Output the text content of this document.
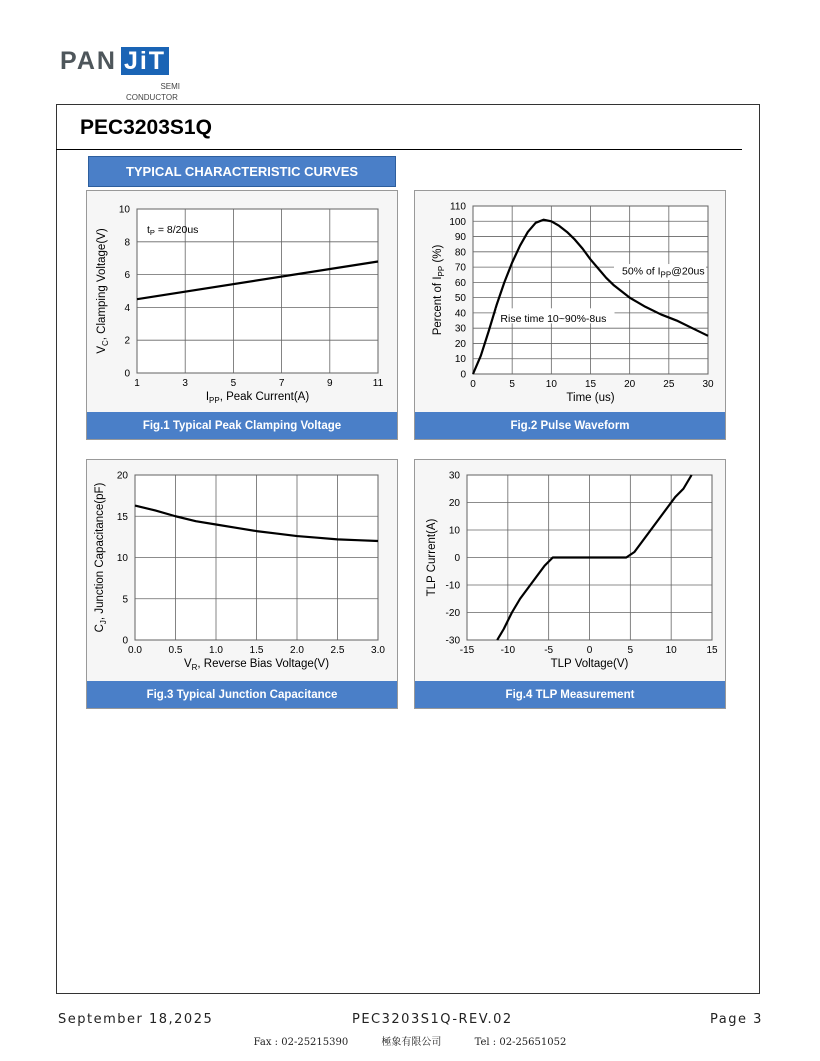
PAN JiT
SEMI
CONDUCTOR
PEC3203S1Q
TYPICAL CHARACTERISTIC CURVES
1	3	5	7	9	11
0
2
4
6
8
10
$I_{PP}$, Peak Current(A)
$V_C$, Clamping Voltage(V)	tP = 8/20us
Fig.1 Typical Peak Clamping Voltage
0	5	10	15	20	25	30
0
10
20
30
40
50
60
70
80
90
100
110
Time (us)
Percent of $I_{PP}$ (%)
50% of $I_{PP}@20us$
Rise time 10~90%-8us
Fig.2 Pulse Waveform
0.0	0.5	1.0	1.5	2.0	2.5	3.0
0
5
10
15
20
$V_R$, Reverse Bias Voltage(V)
$C_J$, Junction Capacitance(pF)
Fig.3 Typical Junction Capacitance
-15	-10	-5	0	5	10	15
-30
-20
-10
0
10
20
30
TLP Voltage(V)
TLP Current(A)
Fig.4 TLP Measurement
September 18,2025	PEC3203S1Q-REV.02	Page 3
Fax : 02-25215390	極象有限公司	Tel : 02-25651052
